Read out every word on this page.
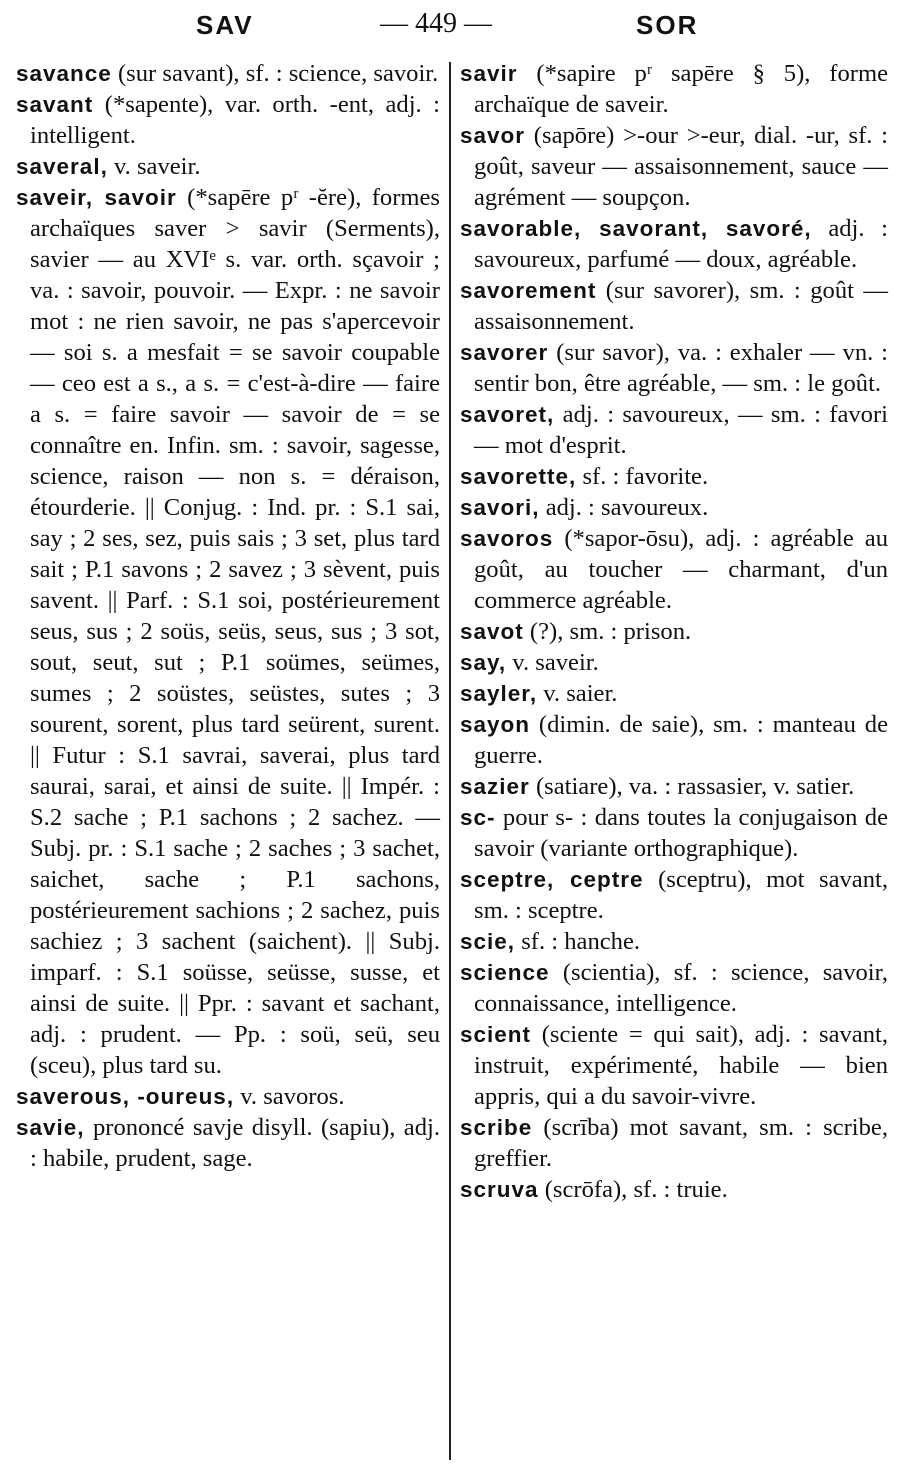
SAV	— 449 —	SOR

savance (sur savant), sf. : science, savoir.

savant (*sapente), var. orth. -ent, adj. : intelligent.

saveral, v. saveir.

saveir, savoir (*sapēre pʳ -ĕre), formes archaïques saver > savir (Serments), savier — au XVIᵉ s. var. orth. sçavoir ; va. : savoir, pouvoir. — Expr. : ne savoir mot : ne rien savoir, ne pas s'apercevoir — soi s. a mesfait = se savoir coupable — ceo est a s., a s. = c'est-à-dire — faire a s. = faire savoir — savoir de = se connaître en. Infin. sm. : savoir, sagesse, science, raison — non s. = déraison, étourderie. || Conjug. : Ind. pr. : S.1 sai, say ; 2 ses, sez, puis sais ; 3 set, plus tard sait ; P.1 savons ; 2 savez ; 3 sèvent, puis savent. || Parf. : S.1 soi, postérieurement seus, sus ; 2 soüs, seüs, seus, sus ; 3 sot, sout, seut, sut ; P.1 soümes, seümes, sumes ; 2 soüstes, seüstes, sutes ; 3 sourent, sorent, plus tard seürent, surent. || Futur : S.1 savrai, saverai, plus tard saurai, sarai, et ainsi de suite. || Impér. : S.2 sache ; P.1 sachons ; 2 sachez. — Subj. pr. : S.1 sache ; 2 saches ; 3 sachet, saichet, sache ; P.1 sachons, postérieurement sachions ; 2 sachez, puis sachiez ; 3 sachent (saichent). || Subj. imparf. : S.1 soüsse, seüsse, susse, et ainsi de suite. || Ppr. : savant et sachant, adj. : prudent. — Pp. : soü, seü, seu (sceu), plus tard su.

saverous, -oureus, v. savoros.

savie, prononcé savje disyll. (sapiu), adj. : habile, prudent, sage.

savir (*sapire pʳ sapēre § 5), forme archaïque de saveir.

savor (sapōre) >-our >-eur, dial. -ur, sf. : goût, saveur — assaisonnement, sauce — agrément — soupçon.

savorable, savorant, savoré, adj. : savoureux, parfumé — doux, agréable.

savorement (sur savorer), sm. : goût — assaisonnement.

savorer (sur savor), va. : exhaler — vn. : sentir bon, être agréable, — sm. : le goût.

savoret, adj. : savoureux, — sm. : favori — mot d'esprit.

savorette, sf. : favorite.

savori, adj. : savoureux.

savoros (*sapor-ōsu), adj. : agréable au goût, au toucher — charmant, d'un commerce agréable.

savot (?), sm. : prison.

say, v. saveir.

sayler, v. saier.

sayon (dimin. de saie), sm. : manteau de guerre.

sazier (satiare), va. : rassasier, v. satier.

sc- pour s- : dans toutes la conjugaison de savoir (variante orthographique).

sceptre, ceptre (sceptru), mot savant, sm. : sceptre.

scie, sf. : hanche.

science (scientia), sf. : science, savoir, connaissance, intelligence.

scient (sciente = qui sait), adj. : savant, instruit, expérimenté, habile — bien appris, qui a du savoir-vivre.

scribe (scrība) mot savant, sm. : scribe, greffier.

scruva (scrōfa), sf. : truie.
